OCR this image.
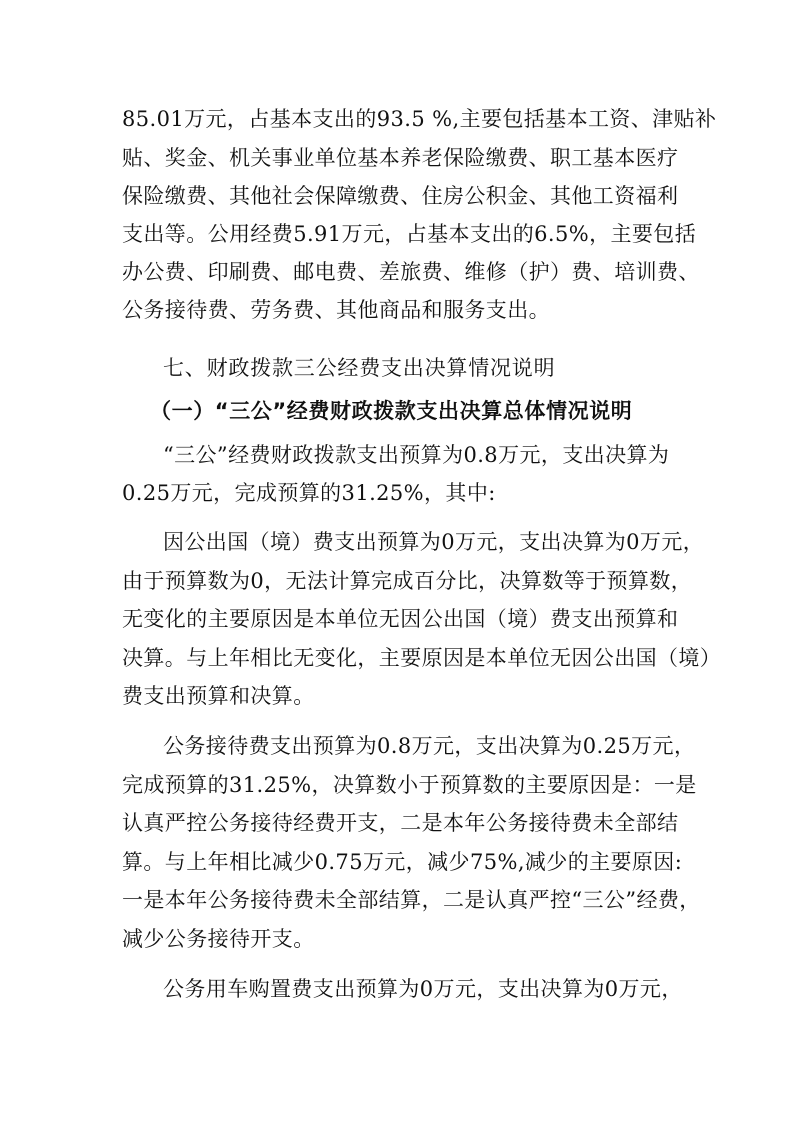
85.01万元，占基本支出的93.5 %,主要包括基本工资、津贴补
贴、奖金、机关事业单位基本养老保险缴费、职工基本医疗
保险缴费、其他社会保障缴费、住房公积金、其他工资福利
支出等。公用经费5.91万元，占基本支出的6.5%，主要包括
办公费、印刷费、邮电费、差旅费、维修（护）费、培训费、
公务接待费、劳务费、其他商品和服务支出。
七、财政拨款三公经费支出决算情况说明
（一）“三公”经费财政拨款支出决算总体情况说明
“三公”经费财政拨款支出预算为0.8万元，支出决算为
0.25万元，完成预算的31.25%，其中:
因公出国（境）费支出预算为0万元，支出决算为0万元，
由于预算数为0，无法计算完成百分比，决算数等于预算数，
无变化的主要原因是本单位无因公出国（境）费支出预算和
决算。与上年相比无变化，主要原因是本单位无因公出国（境）
费支出预算和决算。
公务接待费支出预算为0.8万元，支出决算为0.25万元，
完成预算的31.25%，决算数小于预算数的主要原因是：一是
认真严控公务接待经费开支，二是本年公务接待费未全部结
算。与上年相比减少0.75万元，减少75%,减少的主要原因:
一是本年公务接待费未全部结算，二是认真严控“三公”经费，
减少公务接待开支。
公务用车购置费支出预算为0万元，支出决算为0万元，
